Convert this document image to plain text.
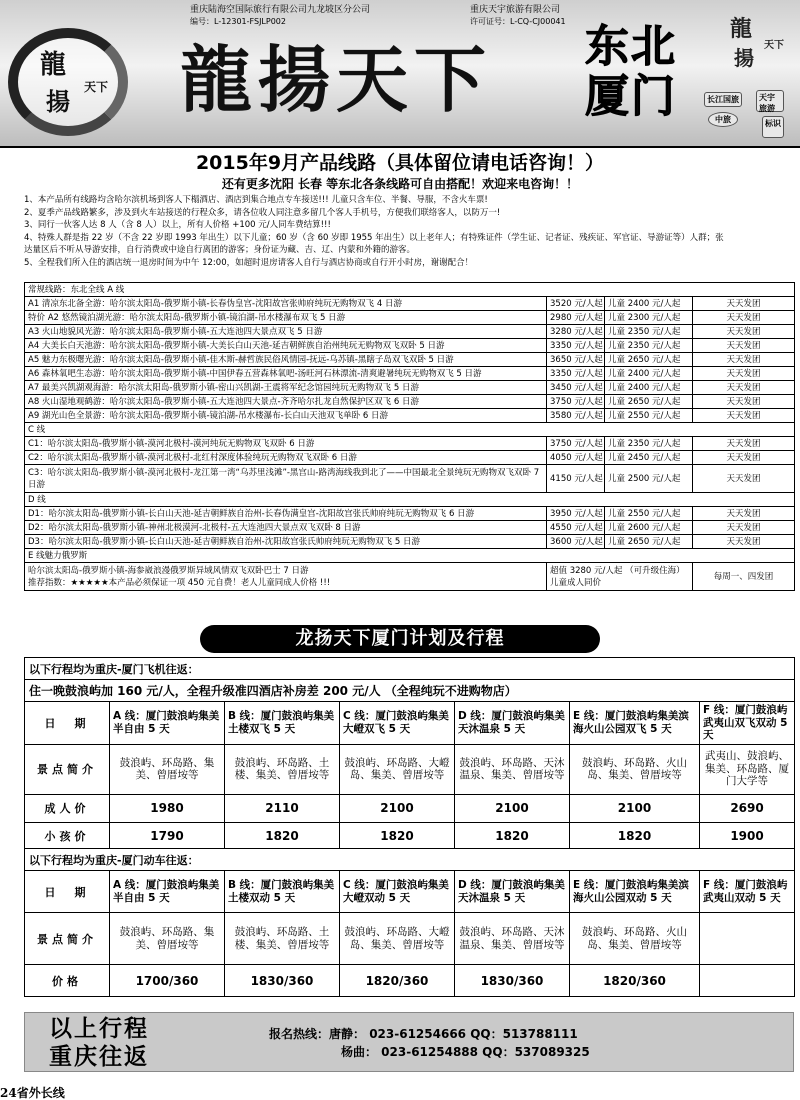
重庆陆海空国际旅行有限公司九龙坡区分公司
编号：L-12301-FSJLP002
重庆天宇旅游有限公司
许可证号：L-CQ-CJ00041
龍
揚 天下 龍揚天下 东北厦门
龍
揚
天下
长江国旅	天宇旅游
中旅	标识
2015年9月产品线路（具体留位请电话咨询！）
还有更多沈阳 长春 等东北各条线路可自由搭配！欢迎来电咨询！！

1、本产品所有线路均含哈尔滨机场到客人下榻酒店、酒店到集合地点专车接送!!! 儿童只含车位、半餐、导服，不含火车票!

2、夏季产品线路繁多，涉及到火车站接送的行程众多，请各位收人同注意多留几个客人手机号，方便我们联络客人，以防万一!

3、同行一伙客人达 8 人（含 8 人）以上，所有人价格 +100 元/人同车费结算!!!

4、特殊人群是指 22 岁（不含 22 岁即 1993 年出生）以下儿童；60 岁（含 60 岁即 1955 年出生）以上老年人；有特殊证件（学生证、记者证、残疾证、军官证、导游证等）人群；张

达量区后不听从导游安排，自行消费或中途自行离团的游客；身份证为藏、吉、辽、内蒙和外籍的游客。

5、全程我们所入住的酒店统一退房时间为中午 12:00，如超时退房请客人自行与酒店协商或自行开小时房，谢谢配合！

常规线路：东北全线 A 线			
A1 清凉东北备全游：哈尔滨太阳岛-俄罗斯小镇-长春伪皇宫-沈阳故宫张帅府纯玩无购物双飞 4 日游	3520 元/人起	儿童 2400 元/人起	天天发团
特价 A2 悠然镜泊湖光游：哈尔滨太阳岛-俄罗斯小镇-镜泊湖-吊水楼瀑布双飞 5 日游	2980 元/人起	儿童 2300 元/人起	天天发团
A3 火山地貌风光游：哈尔滨太阳岛-俄罗斯小镇-五大连池四大景点双飞 5 日游	3280 元/人起	儿童 2350 元/人起	天天发团
A4 大美长白天池游：哈尔滨太阳岛-俄罗斯小镇-大美长白山天池-延吉朝鲜族自治州纯玩无购物双飞双卧 5 日游	3350 元/人起	儿童 2350 元/人起	天天发团
A5 魅力东极曙光游：哈尔滨太阳岛-俄罗斯小镇-佳木斯-赫哲族民俗风情园-抚远-乌苏镇-黑瞎子岛双飞双卧 5 日游	3650 元/人起	儿童 2650 元/人起	天天发团
A6 森林氧吧生态游：哈尔滨太阳岛-俄罗斯小镇-中国伊春五营森林氧吧-汤旺河石林漂流-清爽避暑纯玩无购物双飞 5 日游	3350 元/人起	儿童 2400 元/人起	天天发团
A7 最美兴凯湖观海游：哈尔滨太阳岛-俄罗斯小镇-密山兴凯湖-王震将军纪念馆园纯玩无购物双飞 5 日游	3450 元/人起	儿童 2400 元/人起	天天发团
A8 火山湿地观鹤游：哈尔滨太阳岛-俄罗斯小镇-五大连池四大景点-齐齐哈尔扎龙自然保护区双飞 6 日游	3750 元/人起	儿童 2650 元/人起	天天发团
A9 湖光山色全景游：哈尔滨太阳岛-俄罗斯小镇-镜泊湖-吊水楼瀑布-长白山天池双飞单卧 6 日游	3580 元/人起	儿童 2550 元/人起	天天发团
C 线			
C1：哈尔滨太阳岛-俄罗斯小镇-漠河北极村-漠河纯玩无购物双飞双卧 6 日游	3750 元/人起	儿童 2350 元/人起	天天发团
C2：哈尔滨太阳岛-俄罗斯小镇-漠河北极村-北红村深度体验纯玩无购物双飞双卧 6 日游	4050 元/人起	儿童 2450 元/人起	天天发团
C3：哈尔滨太阳岛-俄罗斯小镇-漠河北极村-龙江第一湾“乌苏里浅滩”-黑宫山-路湾海线我到北了——中国最北全景纯玩无购物双飞双卧 7 日游	4150 元/人起	儿童 2500 元/人起	天天发团
D 线			
D1：哈尔滨太阳岛-俄罗斯小镇-长白山天池-延吉朝鲜族自治州-长春伪满皇宫-沈阳故宫张氏帅府纯玩无购物双飞 6 日游	3950 元/人起	儿童 2550 元/人起	天天发团
D2：哈尔滨太阳岛-俄罗斯小镇-神州北极漠河-北极村-五大连池四大景点双飞双卧 8 日游	4550 元/人起	儿童 2600 元/人起	天天发团
D3：哈尔滨太阳岛-俄罗斯小镇-长白山天池-延吉朝鲜族自治州-沈阳故宫张氏帅府纯玩无购物双飞 5 日游	3600 元/人起	儿童 2650 元/人起	天天发团
E 线魅力俄罗斯			

哈尔滨太阳岛-俄罗斯小镇-海参崴浪漫俄罗斯异域风情双飞双卧巴士 7 日游
推荐指数：★★★★★本产品必须保证一项 450 元自费！老人儿童同成人价格 !!!	超值 3280 元/人起 （可升级住海）儿童成人同价		每周一、四发团
龙扬天下厦门计划及行程
以下行程均为重庆-厦门飞机往返：						
住一晚鼓浪屿加 160 元/人，全程升级准四酒店补房差 200 元/人 （全程纯玩不进购物店）						
日　期	A 线：厦门鼓浪屿集美半自由 5 天	B 线：厦门鼓浪屿集美土楼双飞 5 天	C 线：厦门鼓浪屿集美大嶝双飞 5 天	D 线：厦门鼓浪屿集美天沐温泉 5 天	E 线：厦门鼓浪屿集美滨海火山公园双飞 5 天	F 线：厦门鼓浪屿武夷山双飞双动 5 天
景点简介	鼓浪屿、环岛路、集美、曾厝垵等	鼓浪屿、环岛路、土楼、集美、曾厝垵等	鼓浪屿、环岛路、大嶝岛、集美、曾厝垵等	鼓浪屿、环岛路、天沐温泉、集美、曾厝垵等	鼓浪屿、环岛路、火山岛、集美、曾厝垵等	武夷山、鼓浪屿、集美、环岛路、厦门大学等
成人价	1980	2110	2100	2100	2100	2690
小孩价	1790	1820	1820	1820	1820	1900
以下行程均为重庆-厦门动车往返：						
日　期	A 线：厦门鼓浪屿集美半自由 5 天	B 线：厦门鼓浪屿集美土楼双动 5 天	C 线：厦门鼓浪屿集美大嶝双动 5 天	D 线：厦门鼓浪屿集美天沐温泉 5 天	E 线：厦门鼓浪屿集美滨海火山公园双动 5 天	F 线：厦门鼓浪屿武夷山双动 5 天
景点简介	鼓浪屿、环岛路、集美、曾厝垵等	鼓浪屿、环岛路、土楼、集美、曾厝垵等	鼓浪屿、环岛路、大嶝岛、集美、曾厝垵等	鼓浪屿、环岛路、天沐温泉、集美、曾厝垵等	鼓浪屿、环岛路、火山岛、集美、曾厝垵等	
价格	1700/360	1830/360	1820/360	1830/360	1820/360	
以上行程
重庆往返
报名热线：唐静： 023-61254666 QQ：513788111
杨曲： 023-61254888 QQ：537089325
24省外长线
